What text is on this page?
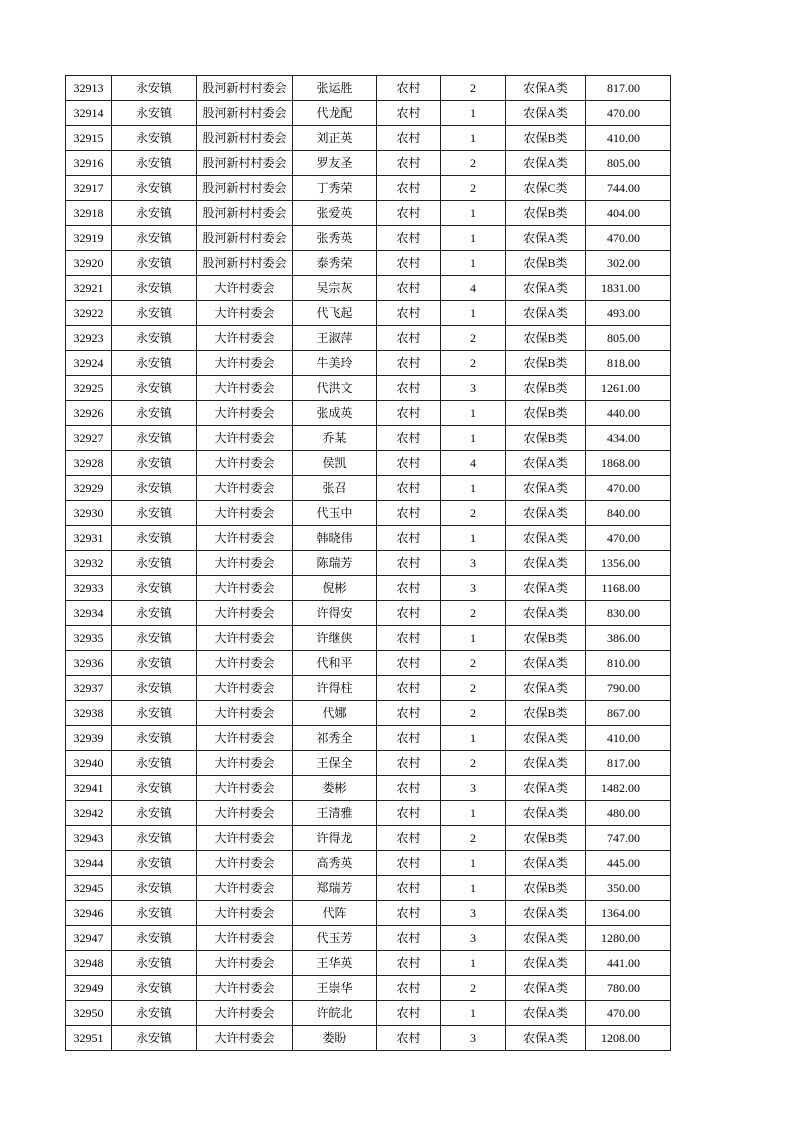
32913	永安镇	股河新村村委会	张运胜	农村	2	农保A类	817.00
32914	永安镇	股河新村村委会	代龙配	农村	1	农保A类	470.00
32915	永安镇	股河新村村委会	刘正英	农村	1	农保B类	410.00
32916	永安镇	股河新村村委会	罗友圣	农村	2	农保A类	805.00
32917	永安镇	股河新村村委会	丁秀荣	农村	2	农保C类	744.00
32918	永安镇	股河新村村委会	张爱英	农村	1	农保B类	404.00
32919	永安镇	股河新村村委会	张秀英	农村	1	农保A类	470.00
32920	永安镇	股河新村村委会	泰秀荣	农村	1	农保B类	302.00
32921	永安镇	大许村委会	吴宗灰	农村	4	农保A类	1831.00
32922	永安镇	大许村委会	代飞起	农村	1	农保A类	493.00
32923	永安镇	大许村委会	王淑萍	农村	2	农保B类	805.00
32924	永安镇	大许村委会	牛美玲	农村	2	农保B类	818.00
32925	永安镇	大许村委会	代洪文	农村	3	农保B类	1261.00
32926	永安镇	大许村委会	张成英	农村	1	农保B类	440.00
32927	永安镇	大许村委会	乔某	农村	1	农保B类	434.00
32928	永安镇	大许村委会	侯凯	农村	4	农保A类	1868.00
32929	永安镇	大许村委会	张召	农村	1	农保A类	470.00
32930	永安镇	大许村委会	代玉中	农村	2	农保A类	840.00
32931	永安镇	大许村委会	韩晓伟	农村	1	农保A类	470.00
32932	永安镇	大许村委会	陈瑞芳	农村	3	农保A类	1356.00
32933	永安镇	大许村委会	倪彬	农村	3	农保A类	1168.00
32934	永安镇	大许村委会	许得安	农村	2	农保A类	830.00
32935	永安镇	大许村委会	许继侠	农村	1	农保B类	386.00
32936	永安镇	大许村委会	代和平	农村	2	农保A类	810.00
32937	永安镇	大许村委会	许得柱	农村	2	农保A类	790.00
32938	永安镇	大许村委会	代娜	农村	2	农保B类	867.00
32939	永安镇	大许村委会	祁秀全	农村	1	农保A类	410.00
32940	永安镇	大许村委会	王保全	农村	2	农保A类	817.00
32941	永安镇	大许村委会	娄彬	农村	3	农保A类	1482.00
32942	永安镇	大许村委会	王清雅	农村	1	农保A类	480.00
32943	永安镇	大许村委会	许得龙	农村	2	农保B类	747.00
32944	永安镇	大许村委会	高秀英	农村	1	农保A类	445.00
32945	永安镇	大许村委会	郑瑞芳	农村	1	农保B类	350.00
32946	永安镇	大许村委会	代阵	农村	3	农保A类	1364.00
32947	永安镇	大许村委会	代玉芳	农村	3	农保A类	1280.00
32948	永安镇	大许村委会	王华英	农村	1	农保A类	441.00
32949	永安镇	大许村委会	王崇华	农村	2	农保A类	780.00
32950	永安镇	大许村委会	许皖北	农村	1	农保A类	470.00
32951	永安镇	大许村委会	娄盼	农村	3	农保A类	1208.00
